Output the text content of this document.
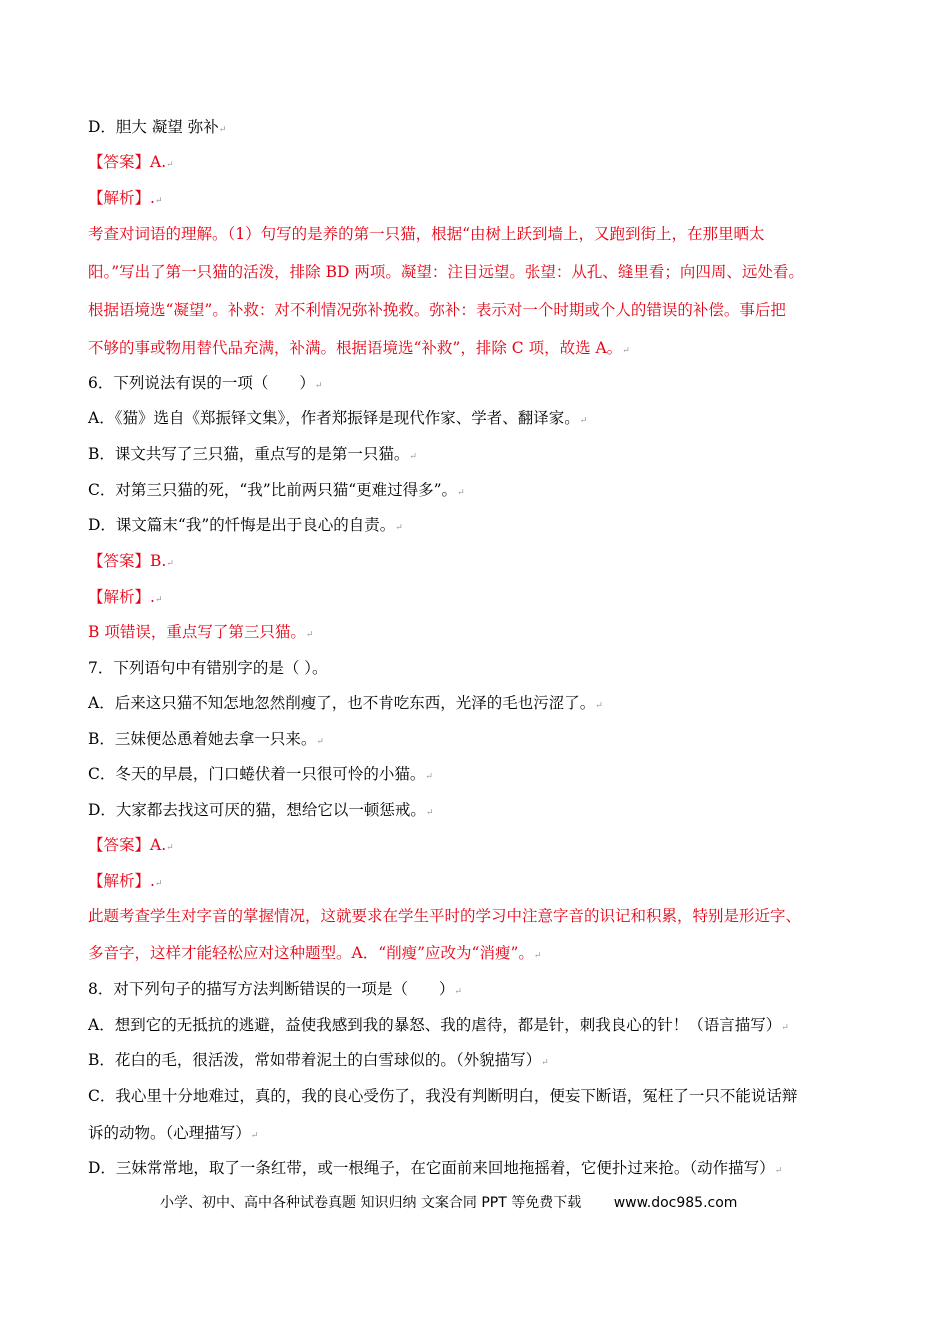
D．胆大 凝望 弥补↵
【答案】A.↵
【解析】.↵
考查对词语的理解。（1）句写的是养的第一只猫，根据“由树上跃到墙上，又跑到街上，在那里晒太
阳。”写出了第一只猫的活泼，排除 BD 两项。凝望：注目远望。张望：从孔、缝里看；向四周、远处看。
根据语境选“凝望”。补救：对不利情况弥补挽救。弥补：表示对一个时期或个人的错误的补偿。事后把
不够的事或物用替代品充满，补满。根据语境选“补救”，排除 C 项，故选 A。↵
6．下列说法有误的一项（　　）↵
A．《猫》选自《郑振铎文集》，作者郑振铎是现代作家、学者、翻译家。↵
B．课文共写了三只猫，重点写的是第一只猫。↵
C．对第三只猫的死，“我”比前两只猫“更难过得多”。↵
D．课文篇末“我”的忏悔是出于良心的自责。↵
【答案】B.↵
【解析】.↵
B 项错误，重点写了第三只猫。↵
7．下列语句中有错别字的是（ ）。
A．后来这只猫不知怎地忽然削瘦了，也不肯吃东西，光泽的毛也污涩了。↵
B．三妹便怂恿着她去拿一只来。↵
C．冬天的早晨，门口蜷伏着一只很可怜的小猫。↵
D．大家都去找这可厌的猫，想给它以一顿惩戒。↵
【答案】A.↵
【解析】.↵
此题考查学生对字音的掌握情况，这就要求在学生平时的学习中注意字音的识记和积累，特别是形近字、
多音字，这样才能轻松应对这种题型。A．“削瘦”应改为“消瘦”。↵
8．对下列句子的描写方法判断错误的一项是（　　）↵
A．想到它的无抵抗的逃避，益使我感到我的暴怒、我的虐待，都是针，刺我良心的针！（语言描写）↵
B．花白的毛，很活泼，常如带着泥土的白雪球似的。（外貌描写）↵
C．我心里十分地难过，真的，我的良心受伤了，我没有判断明白，便妄下断语，冤枉了一只不能说话辩
诉的动物。（心理描写）↵
D．三妹常常地，取了一条红带，或一根绳子，在它面前来回地拖摇着，它便扑过来抢。（动作描写）↵
小学、初中、高中各种试卷真题 知识归纳 文案合同 PPT 等免费下载 www.doc985.com
